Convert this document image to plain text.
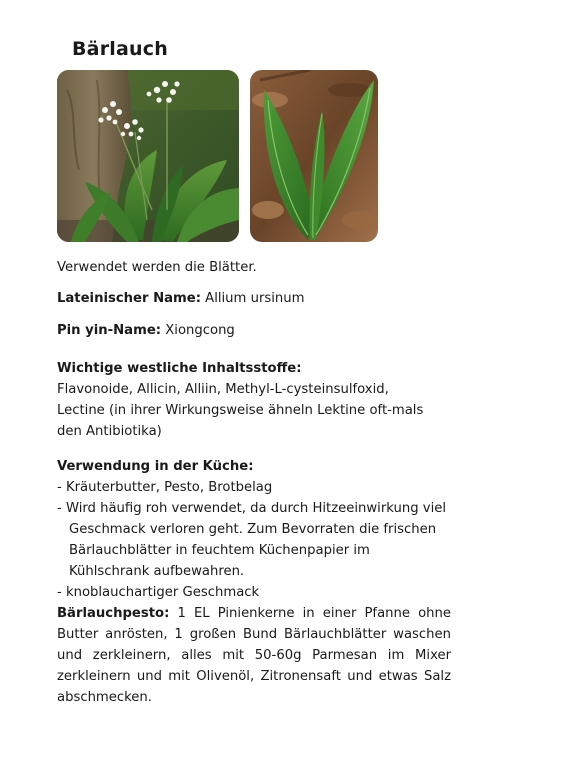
Bärlauch

Verwendet werden die Blätter.

Lateinischer Name: Allium ursinum

Pin yin-Name: Xiongcong

Wichtige westliche Inhaltsstoffe:
Flavonoide, Allicin, Alliin, Methyl-L-cysteinsulfoxid, Lectine (in ihrer Wirkungsweise ähneln Lektine oft-mals den Antibiotika)
Verwendung in der Küche:
- Kräuterbutter, Pesto, Brotbelag
- Wird häufig roh verwendet, da durch Hitzeeinwirkung viel Geschmack verloren geht. Zum Bevorraten die frischen Bärlauchblätter in feuchtem Küchenpapier im Kühlschrank aufbewahren.
- knoblauchartiger Geschmack
Bärlauchpesto: 1 EL Pinienkerne in einer Pfanne ohne Butter anrösten, 1 großen Bund Bärlauchblätter waschen und zerkleinern, alles mit 50-60g Parmesan im Mixer zerkleinern und mit Olivenöl, Zitronensaft und etwas Salz abschmecken.
